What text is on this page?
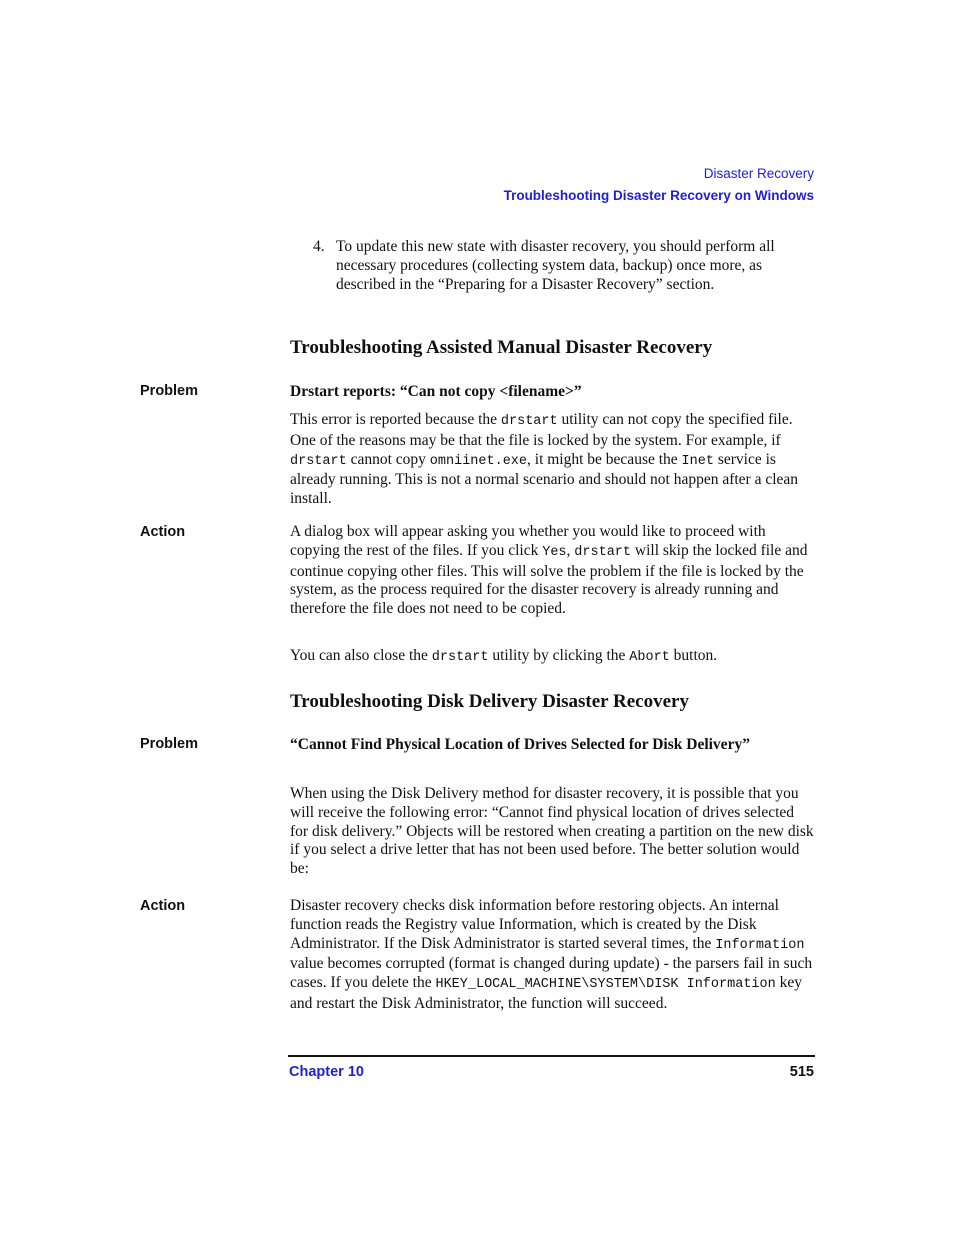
Disaster Recovery
Troubleshooting Disaster Recovery on Windows
4. To update this new state with disaster recovery, you should perform all necessary procedures (collecting system data, backup) once more, as described in the “Preparing for a Disaster Recovery” section.
Troubleshooting Assisted Manual Disaster Recovery
Problem	Drstart reports: “Can not copy <filename>”
This error is reported because the drstart utility can not copy the specified file. One of the reasons may be that the file is locked by the system. For example, if drstart cannot copy omniinet.exe, it might be because the Inet service is already running. This is not a normal scenario and should not happen after a clean install.
Action	A dialog box will appear asking you whether you would like to proceed with copying the rest of the files. If you click Yes, drstart will skip the locked file and continue copying other files. This will solve the problem if the file is locked by the system, as the process required for the disaster recovery is already running and therefore the file does not need to be copied.
You can also close the drstart utility by clicking the Abort button.
Troubleshooting Disk Delivery Disaster Recovery
Problem	“Cannot Find Physical Location of Drives Selected for Disk Delivery”
When using the Disk Delivery method for disaster recovery, it is possible that you will receive the following error: “Cannot find physical location of drives selected for disk delivery.” Objects will be restored when creating a partition on the new disk if you select a drive letter that has not been used before. The better solution would be:
Action	Disaster recovery checks disk information before restoring objects. An internal function reads the Registry value Information, which is created by the Disk Administrator. If the Disk Administrator is started several times, the Information value becomes corrupted (format is changed during update) - the parsers fail in such cases. If you delete the HKEY_LOCAL_MACHINE\SYSTEM\DISK Information key and restart the Disk Administrator, the function will succeed.
Chapter 10	515
